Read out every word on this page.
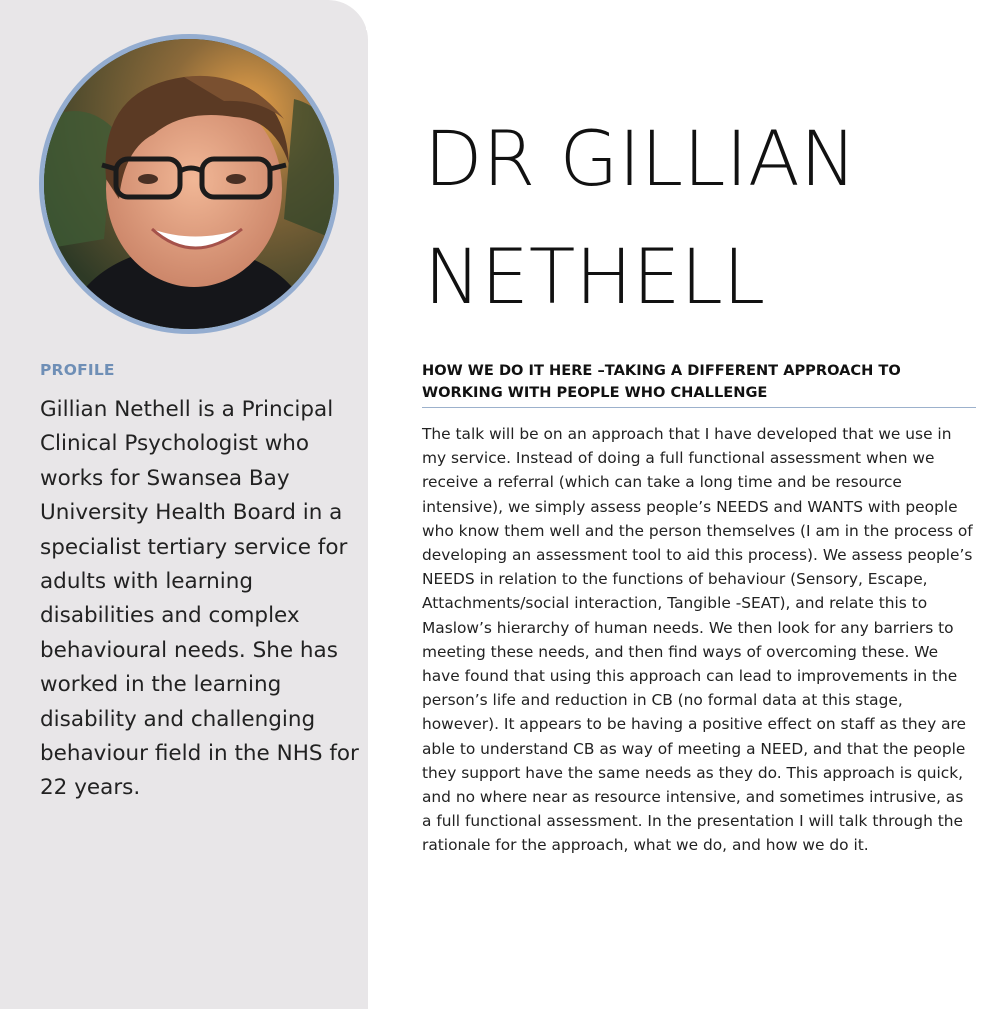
PROFILE

Gillian Nethell is a Principal Clinical Psychologist who works for Swansea Bay University Health Board in a specialist tertiary service for adults with learning disabilities and complex behavioural needs. She has worked in the learning disability and challenging behaviour field in the NHS for 22 years.

DR GILLIAN
NETHELL
HOW WE DO IT HERE –TAKING A DIFFERENT APPROACH TO WORKING WITH PEOPLE WHO CHALLENGE

The talk will be on an approach that I have developed that we use in my service. Instead of doing a full functional assessment when we receive a referral (which can take a long time and be resource intensive), we simply assess people’s NEEDS and WANTS with people who know them well and the person themselves (I am in the process of developing an assessment tool to aid this process). We assess people’s NEEDS in relation to the functions of behaviour (Sensory, Escape, Attachments/social interaction, Tangible -SEAT), and relate this to Maslow’s hierarchy of human needs. We then look for any barriers to meeting these needs, and then find ways of overcoming these. We have found that using this approach can lead to improvements in the person’s life and reduction in CB (no formal data at this stage, however). It appears to be having a positive effect on staff as they are able to understand CB as way of meeting a NEED, and that the people they support have the same needs as they do. This approach is quick, and no where near as resource intensive, and sometimes intrusive, as a full functional assessment. In the presentation I will talk through the rationale for the approach, what we do, and how we do it.
